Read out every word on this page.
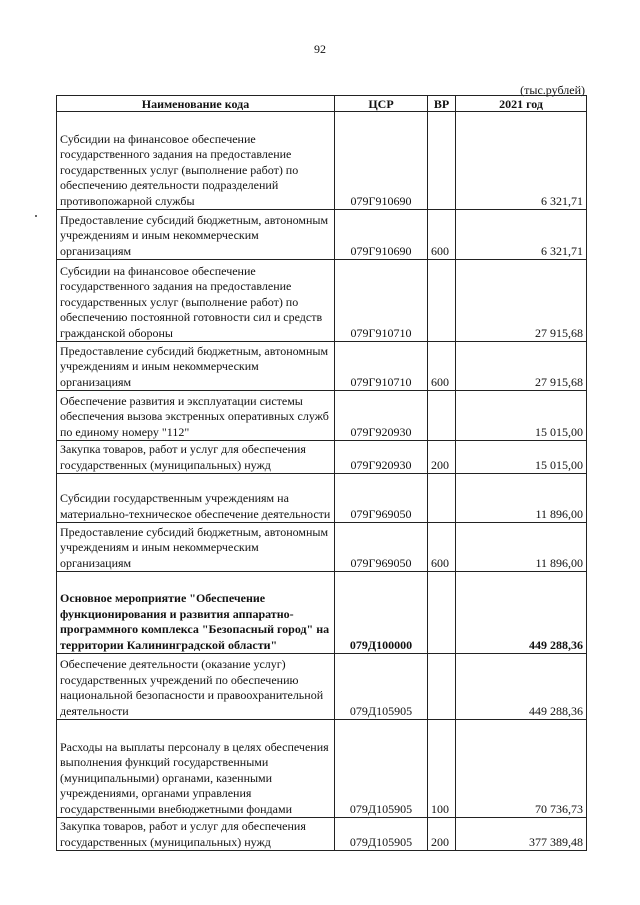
92
(тыс.рублей)
Наименование кода	ЦСР	ВР	2021 год
Субсидии на финансовое обеспечение государственного задания на предоставление государственных услуг (выполнение работ) по обеспечению деятельности подразделений противопожарной службы	079Г910690		6 321,71
Предоставление субсидий бюджетным, автономным учреждениям и иным некоммерческим организациям	079Г910690	600	6 321,71
Субсидии на финансовое обеспечение государственного задания на предоставление государственных услуг (выполнение работ) по обеспечению постоянной готовности сил и средств гражданской обороны	079Г910710		27 915,68
Предоставление субсидий бюджетным, автономным учреждениям и иным некоммерческим организациям	079Г910710	600	27 915,68
Обеспечение развития и эксплуатации системы обеспечения вызова экстренных оперативных служб по единому номеру "112"	079Г920930		15 015,00
Закупка товаров, работ и услуг для обеспечения государственных (муниципальных) нужд	079Г920930	200	15 015,00
Субсидии государственным учреждениям на материально-техническое обеспечение деятельности	079Г969050		11 896,00
Предоставление субсидий бюджетным, автономным учреждениям и иным некоммерческим организациям	079Г969050	600	11 896,00
Основное мероприятие "Обеспечение функционирования и развития аппаратно-программного комплекса "Безопасный город" на территории Калининградской области"	079Д100000		449 288,36
Обеспечение деятельности (оказание услуг) государственных учреждений по обеспечению национальной безопасности и правоохранительной деятельности	079Д105905		449 288,36
Расходы на выплаты персоналу в целях обеспечения выполнения функций государственными (муниципальными) органами, казенными учреждениями, органами управления государственными внебюджетными фондами	079Д105905	100	70 736,73
Закупка товаров, работ и услуг для обеспечения государственных (муниципальных) нужд	079Д105905	200	377 389,48
